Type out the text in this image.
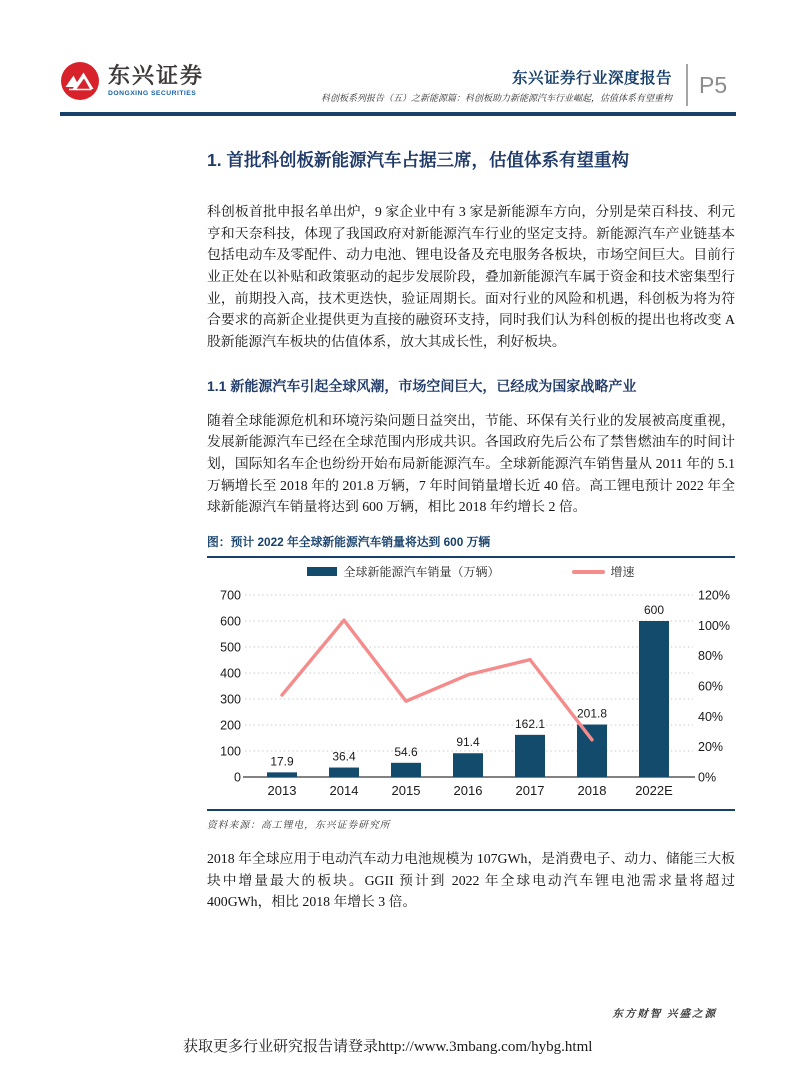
东兴证券
DONGXING SECURITIES
东兴证券行业深度报告
科创板系列报告（五）之新能源篇：科创板助力新能源汽车行业崛起，估值体系有望重构 P5
1. 首批科创板新能源汽车占据三席，估值体系有望重构

科创板首批申报名单出炉，9 家企业中有 3 家是新能源车方向，分别是荣百科技、利元亨和天奈科技，体现了我国政府对新能源汽车行业的坚定支持。新能源汽车产业链基本包括电动车及零配件、动力电池、锂电设备及充电服务各板块，市场空间巨大。目前行业正处在以补贴和政策驱动的起步发展阶段，叠加新能源汽车属于资金和技术密集型行业，前期投入高，技术更迭快，验证周期长。面对行业的风险和机遇，科创板为将为符合要求的高新企业提供更为直接的融资环支持，同时我们认为科创板的提出也将改变 A 股新能源汽车板块的估值体系，放大其成长性，利好板块。

1.1 新能源汽车引起全球风潮，市场空间巨大，已经成为国家战略产业

随着全球能源危机和环境污染问题日益突出，节能、环保有关行业的发展被高度重视，发展新能源汽车已经在全球范围内形成共识。各国政府先后公布了禁售燃油车的时间计划，国际知名车企也纷纷开始布局新能源汽车。全球新能源汽车销售量从 2011 年的 5.1 万辆增长至 2018 年的 201.8 万辆，7 年时间销量增长近 40 倍。高工锂电预计 2022 年全球新能源汽车销量将达到 600 万辆，相比 2018 年约增长 2 倍。

图：预计 2022 年全球新能源汽车销量将达到 600 万辆
全球新能源汽车销量（万辆）	增速
0
100
200
300
400
500
600
700
0%
20%
40%
60%
80%
100%
120%
17.9	36.4	54.6
91.4
162.1
201.8
600
2013	2014	2015	2016	2017	2018 2022E
资料来源：高工锂电，东兴证券研究所

2018 年全球应用于电动汽车动力电池规模为 107GWh，是消费电子、动力、储能三大板块中增量最大的板块。GGII 预计到 2022 年全球电动汽车锂电池需求量将超过 400GWh，相比 2018 年增长 3 倍。

东方财智 兴盛之源
获取更多行业研究报告请登录http://www.3mbang.com/hybg.html
